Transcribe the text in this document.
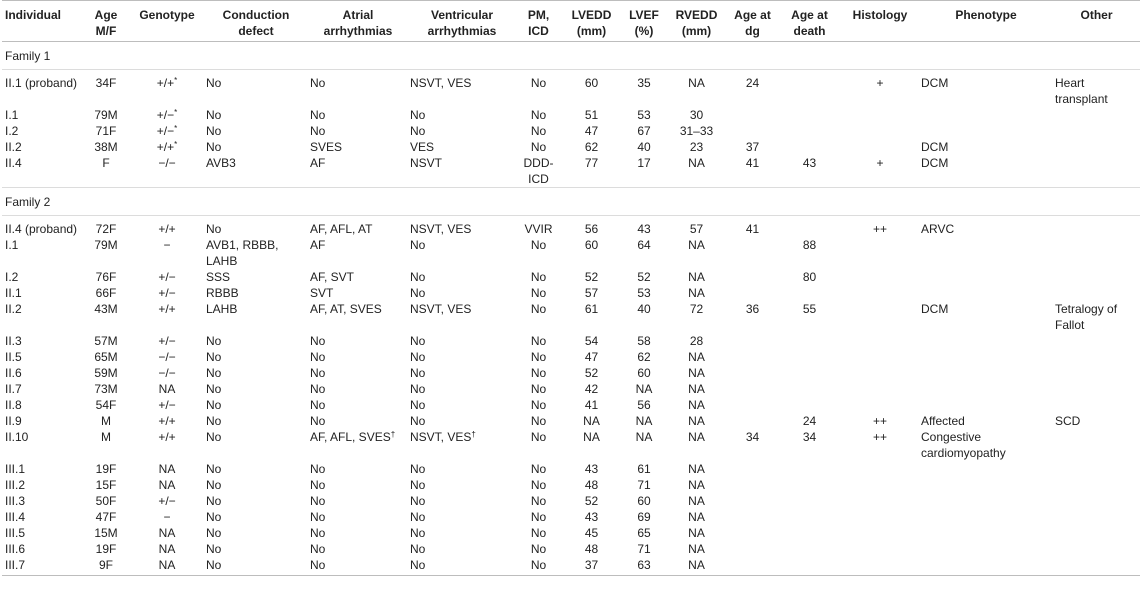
Individual	Age M/F	Genotype	Conduction defect	Atrial arrhythmias	Ventricular arrhythmias	PM, ICD	LVEDD (mm)	LVEF (%)	RVEDD (mm)	Age at dg	Age at death	Histology	Phenotype	Other
Family 1														
II.1 (proband)	34F	+/+*	No	No	NSVT, VES	No	60	35	NA	24		+	DCM	Heart transplant
I.1	79M	+/−*	No	No	No	No	51	53	30					
I.2	71F	+/−*	No	No	No	No	47	67	31–33					
II.2	38M	+/+*	No	SVES	VES	No	62	40	23	37			DCM	
II.4	F	−/−	AVB3	AF	NSVT	DDD-ICD	77	17	NA	41	43	+	DCM	
Family 2														
II.4 (proband)	72F	+/+	No	AF, AFL, AT	NSVT, VES	VVIR	56	43	57	41		++	ARVC	
I.1	79M	−	AVB1, RBBB, LAHB	AF	No	No	60	64	NA		88			
I.2	76F	+/−	SSS	AF, SVT	No	No	52	52	NA		80			
II.1	66F	+/−	RBBB	SVT	No	No	57	53	NA					
II.2	43M	+/+	LAHB	AF, AT, SVES	NSVT, VES	No	61	40	72	36	55		DCM	Tetralogy of Fallot
II.3	57M	+/−	No	No	No	No	54	58	28					
II.5	65M	−/−	No	No	No	No	47	62	NA					
II.6	59M	−/−	No	No	No	No	52	60	NA					
II.7	73M	NA	No	No	No	No	42	NA	NA					
II.8	54F	+/−	No	No	No	No	41	56	NA					
II.9	M	+/+	No	No	No	No	NA	NA	NA		24	++	Affected	SCD
II.10	M	+/+	No	AF, AFL, SVES†	NSVT, VES†	No	NA	NA	NA	34	34	++	Congestive cardiomyopathy	
III.1	19F	NA	No	No	No	No	43	61	NA					
III.2	15F	NA	No	No	No	No	48	71	NA					
III.3	50F	+/−	No	No	No	No	52	60	NA					
III.4	47F	−	No	No	No	No	43	69	NA					
III.5	15M	NA	No	No	No	No	45	65	NA					
III.6	19F	NA	No	No	No	No	48	71	NA					
III.7	9F	NA	No	No	No	No	37	63	NA					
